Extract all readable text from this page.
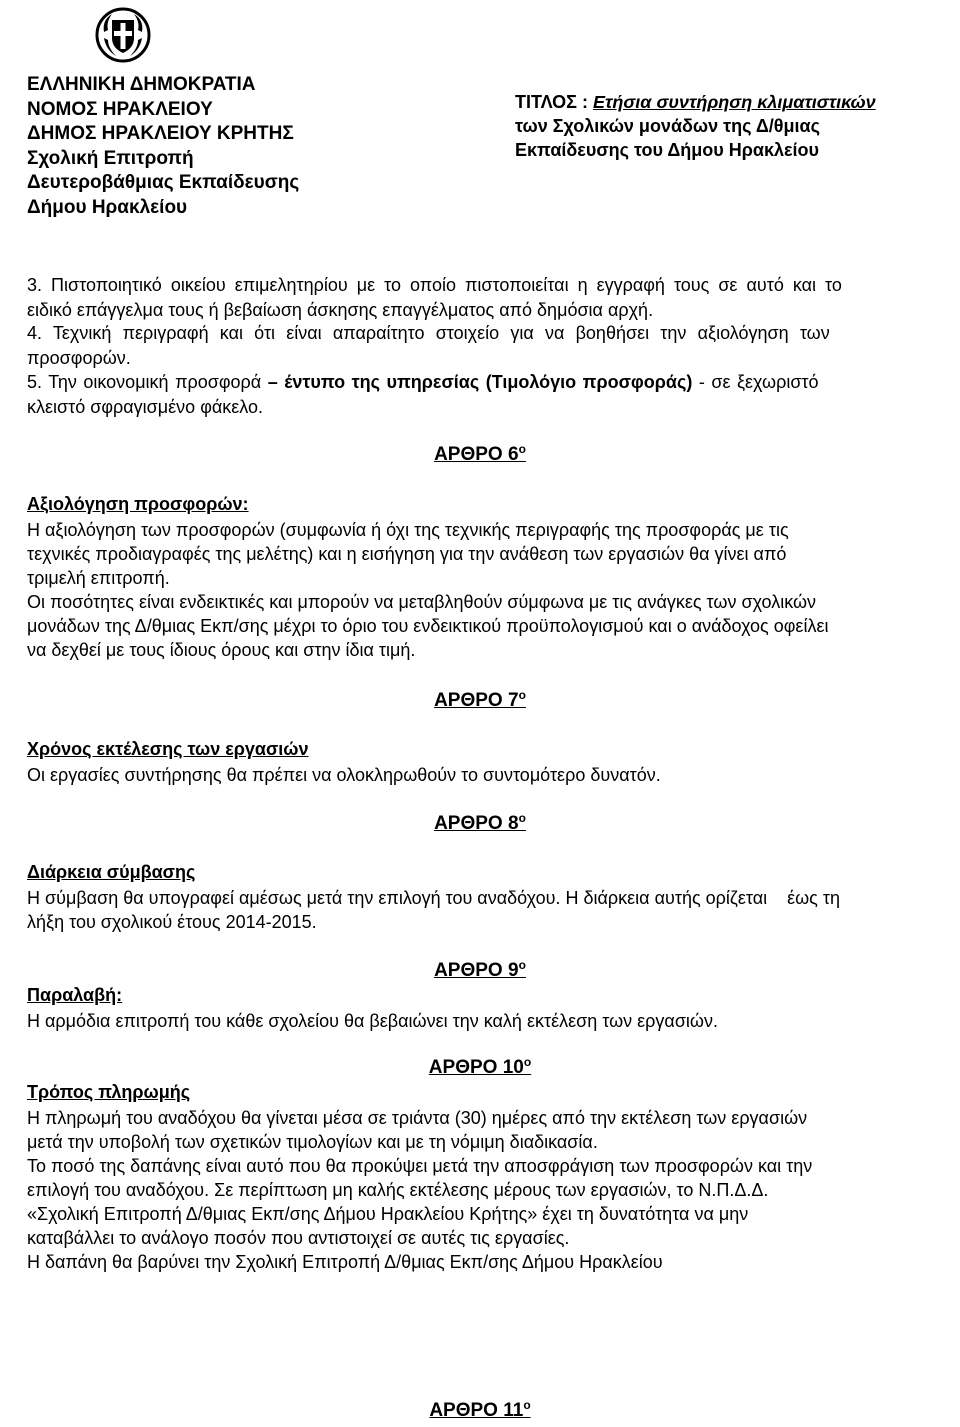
ΕΛΛΗΝΙΚΗ ΔΗΜΟΚΡΑΤΙΑ
ΝΟΜΟΣ ΗΡΑΚΛΕΙΟΥ
ΔΗΜΟΣ ΗΡΑΚΛΕΙΟΥ ΚΡΗΤΗΣ
Σχολική Επιτροπή
Δευτεροβάθμιας Εκπαίδευσης
Δήμου Ηρακλείου
ΤΙΤΛΟΣ : Ετήσια συντήρηση κλιματιστικών
των Σχολικών μονάδων της Δ/θμιας
Εκπαίδευσης του Δήμου Ηρακλείου
3. Πιστοποιητικό οικείου επιμελητηρίου με το οποίο πιστοποιείται η εγγραφή τους σε αυτό και το
ειδικό επάγγελμα τους ή βεβαίωση άσκησης επαγγέλματος από δημόσια αρχή.
4. Τεχνική περιγραφή και ότι είναι απαραίτητο στοιχείο για να βοηθήσει την αξιολόγηση των
προσφορών.
5. Την οικονομική προσφορά – έντυπο της υπηρεσίας (Τιμολόγιο προσφοράς) - σε ξεχωριστό
κλειστό σφραγισμένο φάκελο.
ΑΡΘΡΟ $6^o$
Αξιολόγηση προσφορών:
Η αξιολόγηση των προσφορών (συμφωνία ή όχι της τεχνικής περιγραφής της προσφοράς με τις
τεχνικές προδιαγραφές της μελέτης) και η εισήγηση για την ανάθεση των εργασιών θα γίνει από
τριμελή επιτροπή.
Οι ποσότητες είναι ενδεικτικές και μπορούν να μεταβληθούν σύμφωνα με τις ανάγκες των σχολικών
μονάδων της Δ/θμιας Εκπ/σης μέχρι το όριο του ενδεικτικού προϋπολογισμού και ο ανάδοχος οφείλει
να δεχθεί με τους ίδιους όρους και στην ίδια τιμή.
ΑΡΘΡΟ $7^o$
Χρόνος εκτέλεσης των εργασιών
Οι εργασίες συντήρησης θα πρέπει να ολοκληρωθούν το συντομότερο δυνατόν.
ΑΡΘΡΟ $8^o$
Διάρκεια σύμβασης
Η σύμβαση θα υπογραφεί αμέσως μετά την επιλογή του αναδόχου. Η διάρκεια αυτής ορίζεται    έως τη
λήξη του σχολικού έτους 2014-2015.
ΑΡΘΡΟ $9^o$
Παραλαβή:
Η αρμόδια επιτροπή του κάθε σχολείου θα βεβαιώνει την καλή εκτέλεση των εργασιών.
ΑΡΘΡΟ $10^o$
Τρόπος πληρωμής
Η πληρωμή του αναδόχου θα γίνεται μέσα σε τριάντα (30) ημέρες από την εκτέλεση των εργασιών
μετά την υποβολή των σχετικών τιμολογίων και με τη νόμιμη διαδικασία.
Το ποσό της δαπάνης είναι αυτό που θα προκύψει μετά την αποσφράγιση των προσφορών και την
επιλογή του αναδόχου. Σε περίπτωση μη καλής εκτέλεσης μέρους των εργασιών, το Ν.Π.Δ.Δ.
«Σχολική Επιτροπή Δ/θμιας Εκπ/σης Δήμου Ηρακλείου Κρήτης» έχει τη δυνατότητα να μην
καταβάλλει το ανάλογο ποσόν που αντιστοιχεί σε αυτές τις εργασίες.
Η δαπάνη θα βαρύνει την Σχολική Επιτροπή Δ/θμιας Εκπ/σης Δήμου Ηρακλείου
ΑΡΘΡΟ $11^o$
